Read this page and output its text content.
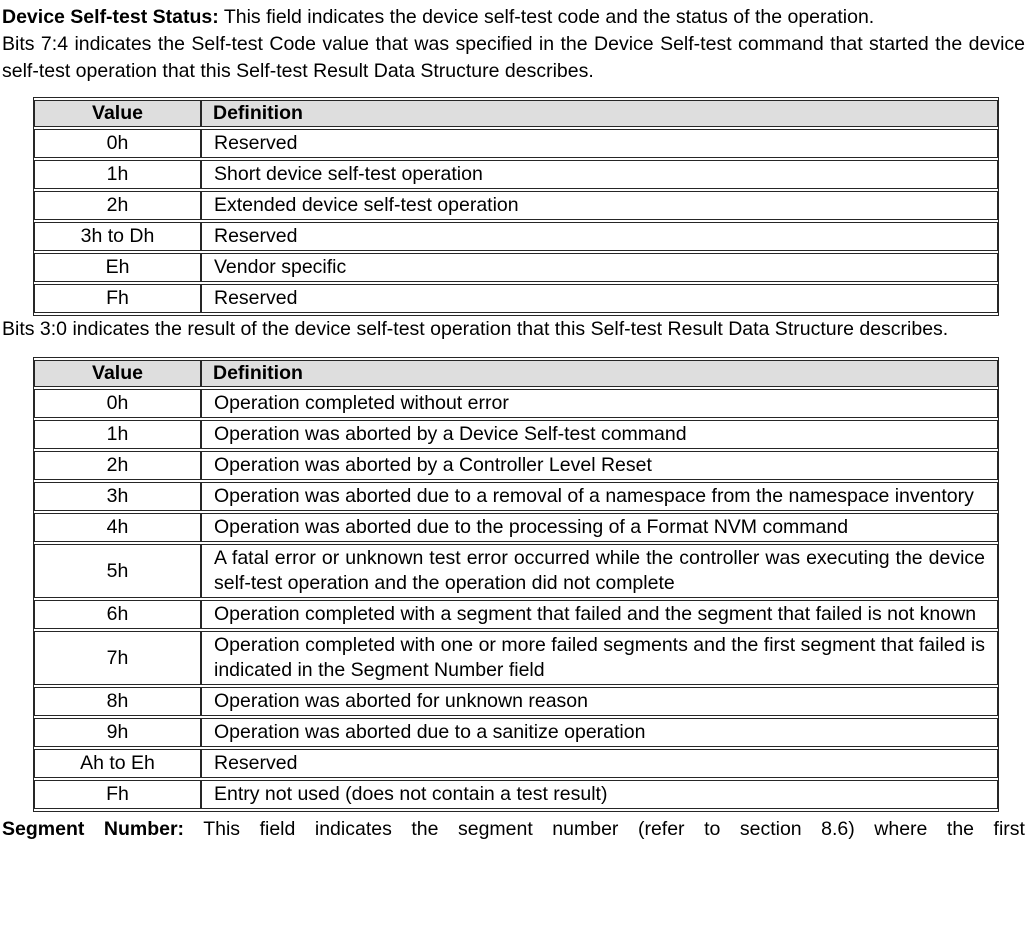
Device Self-test Status: This field indicates the device self-test code and the status of the operation.

Bits 7:4 indicates the Self-test Code value that was specified in the Device Self-test command that started the device self-test operation that this Self-test Result Data Structure describes.

Value	Definition
0h	Reserved
1h	Short device self-test operation
2h	Extended device self-test operation
3h to Dh	Reserved
Eh	Vendor specific
Fh	Reserved

Bits 3:0 indicates the result of the device self-test operation that this Self-test Result Data Structure describes.

Value	Definition
0h	Operation completed without error
1h	Operation was aborted by a Device Self-test command
2h	Operation was aborted by a Controller Level Reset
3h	Operation was aborted due to a removal of a namespace from the namespace inventory
4h	Operation was aborted due to the processing of a Format NVM command
5h	A fatal error or unknown test error occurred while the controller was executing the device self-test operation and the operation did not complete
6h	Operation completed with a segment that failed and the segment that failed is not known
7h	Operation completed with one or more failed segments and the first segment that failed is indicated in the Segment Number field
8h	Operation was aborted for unknown reason
9h	Operation was aborted due to a sanitize operation
Ah to Eh	Reserved
Fh	Entry not used (does not contain a test result)

Segment Number: This field indicates the segment number (refer to section 8.6) where the first
